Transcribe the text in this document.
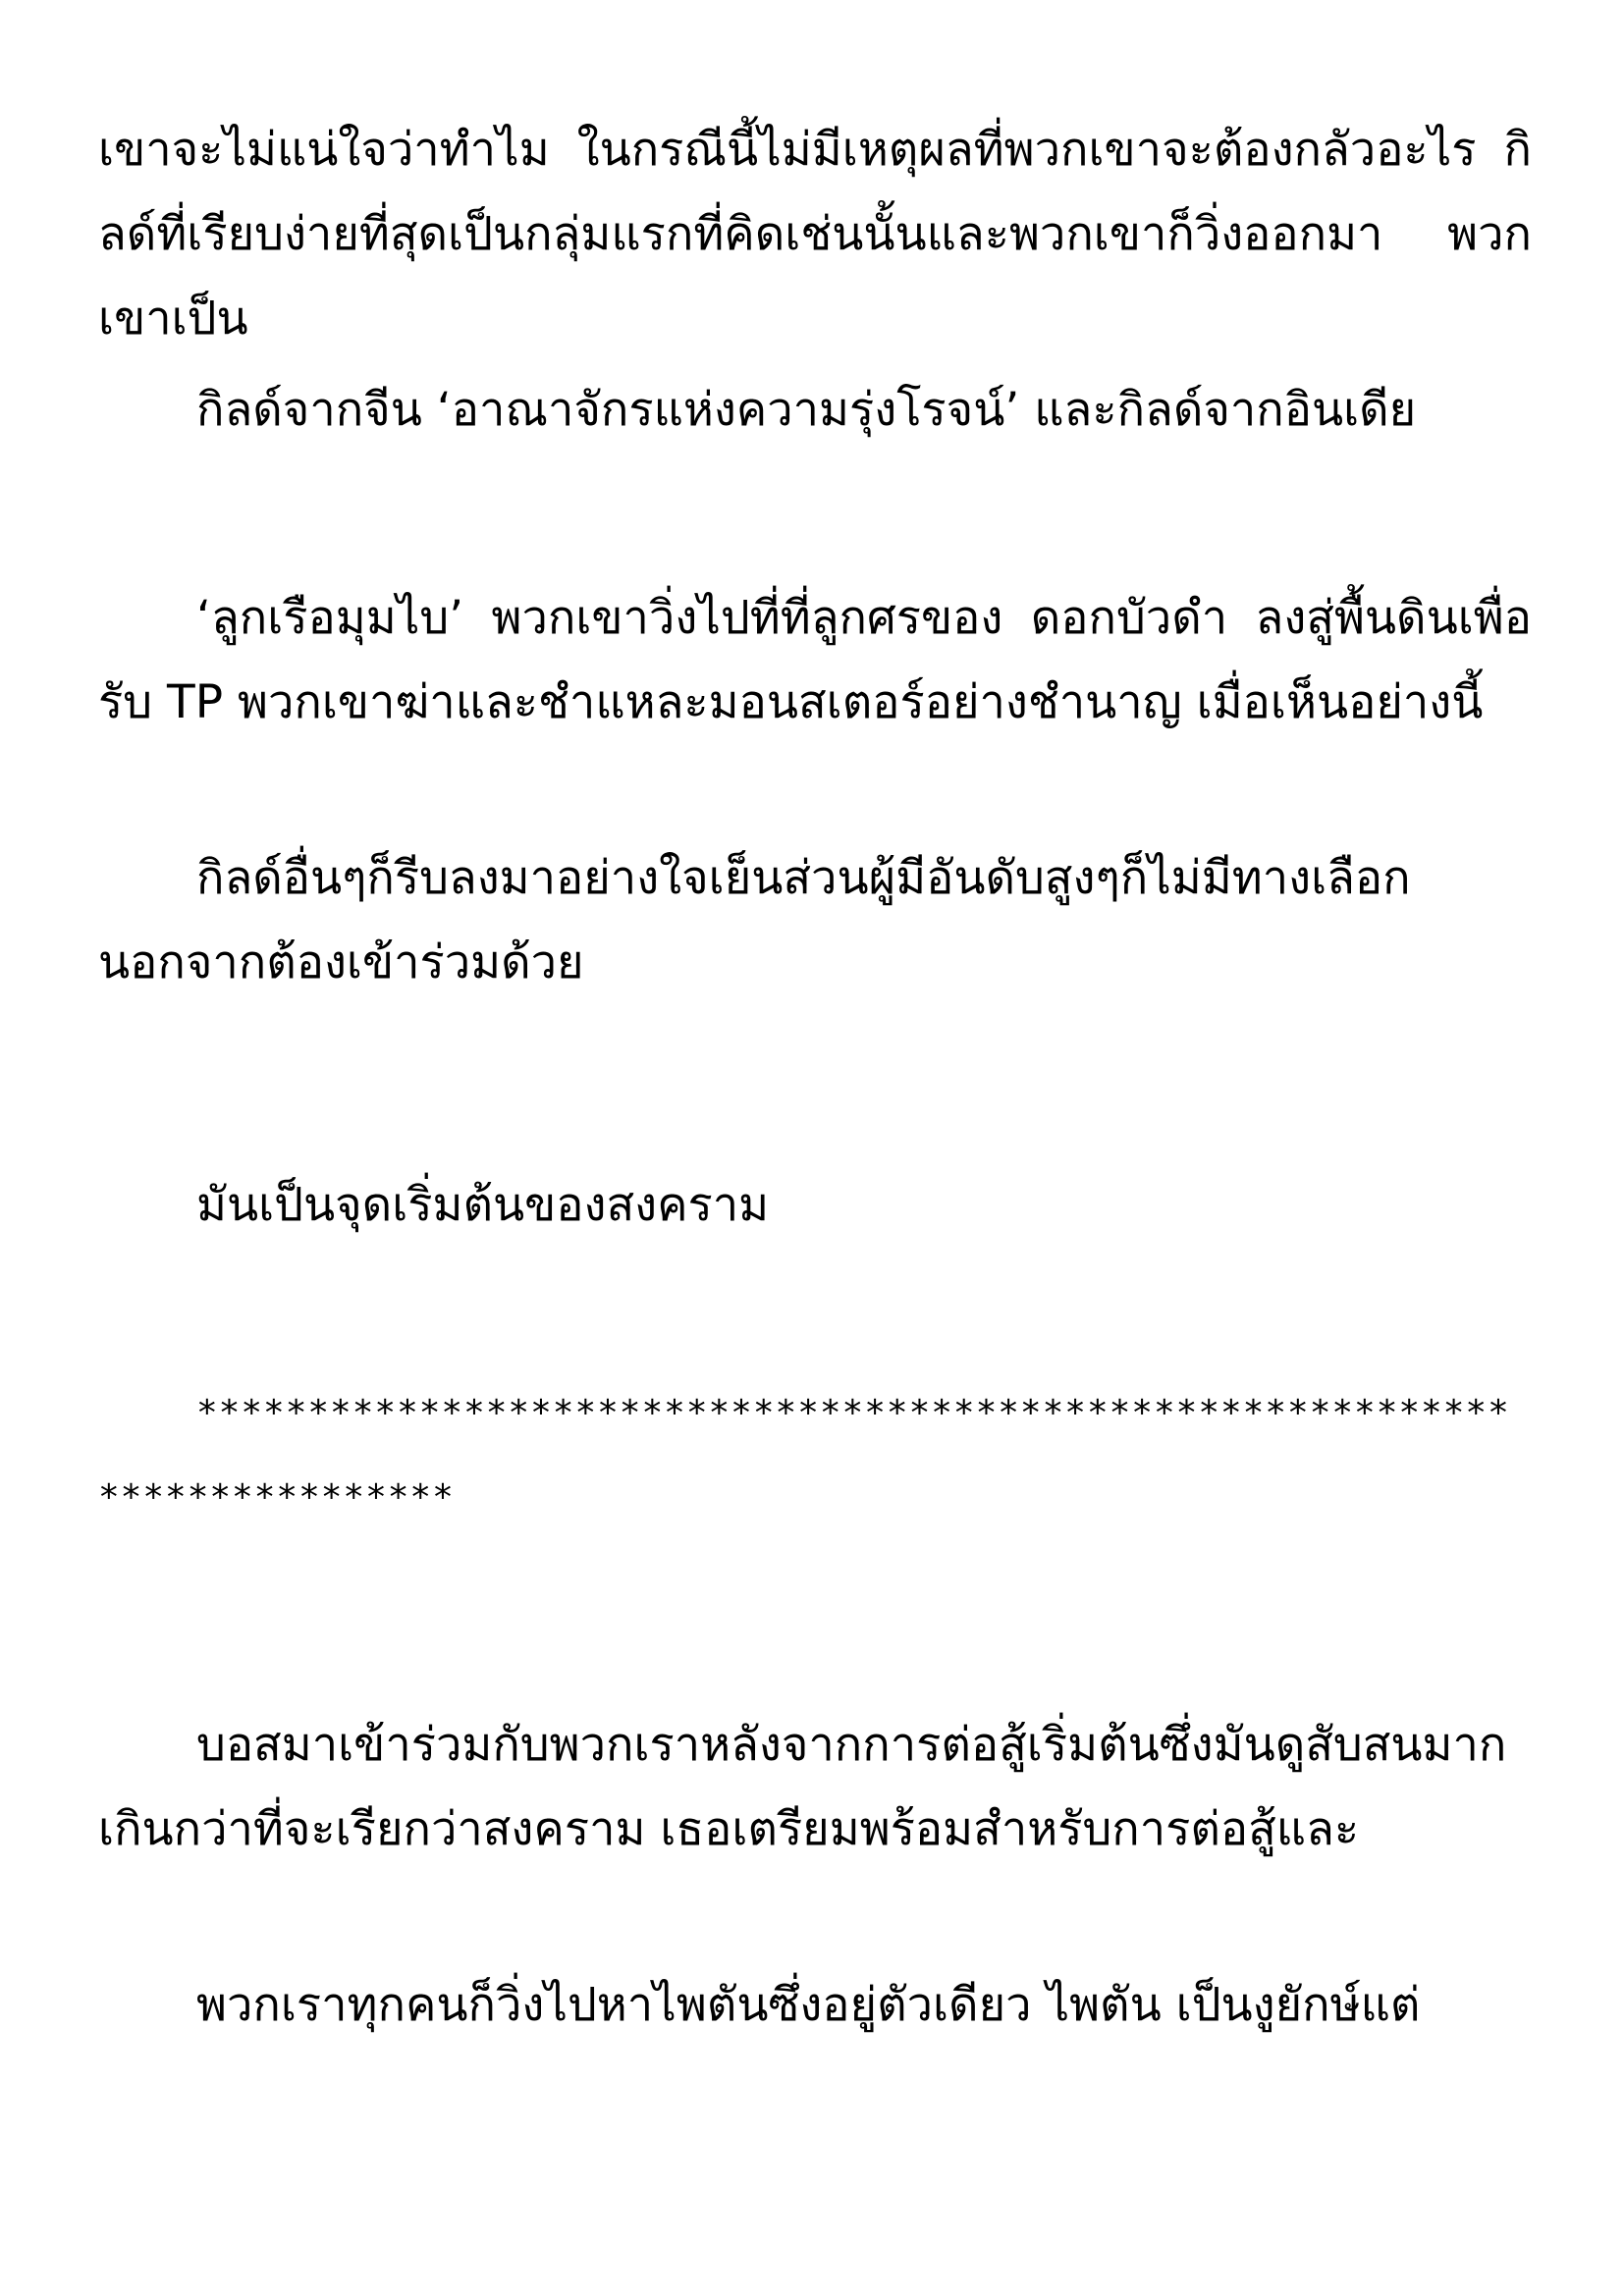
เขาจะไม่แน่ใจว่าทำไม ในกรณีนี้ไม่มีเหตุผลที่พวกเขาจะต้องกลัวอะไร กิลด์ที่เรียบง่ายที่สุดเป็นกลุ่มแรกที่คิดเช่นนั้นและพวกเขาก็วิ่งออกมา พวกเขาเป็น

กิลด์จากจีน ‘อาณาจักรแห่งความรุ่งโรจน์’ และกิลด์จากอินเดีย

‘ลูกเรือมุมไบ’ พวกเขาวิ่งไปที่ที่ลูกศรของ ดอกบัวดำ ลงสู่พื้นดินเพื่อรับ TP พวกเขาฆ่าและชำแหละมอนสเตอร์อย่างชำนาญ เมื่อเห็นอย่างนี้

กิลด์อื่นๆก็รีบลงมาอย่างใจเย็นส่วนผู้มีอันดับสูงๆก็ไม่มีทางเลือกนอกจากต้องเข้าร่วมด้วย

มันเป็นจุดเริ่มต้นของสงคราม

***************************************************************************

บอสมาเข้าร่วมกับพวกเราหลังจากการต่อสู้เริ่มต้นซึ่งมันดูสับสนมากเกินกว่าที่จะเรียกว่าสงคราม เธอเตรียมพร้อมสำหรับการต่อสู้และ

พวกเราทุกคนก็วิ่งไปหาไพตันซึ่งอยู่ตัวเดียว ไพตัน เป็นงูยักษ์แต่
